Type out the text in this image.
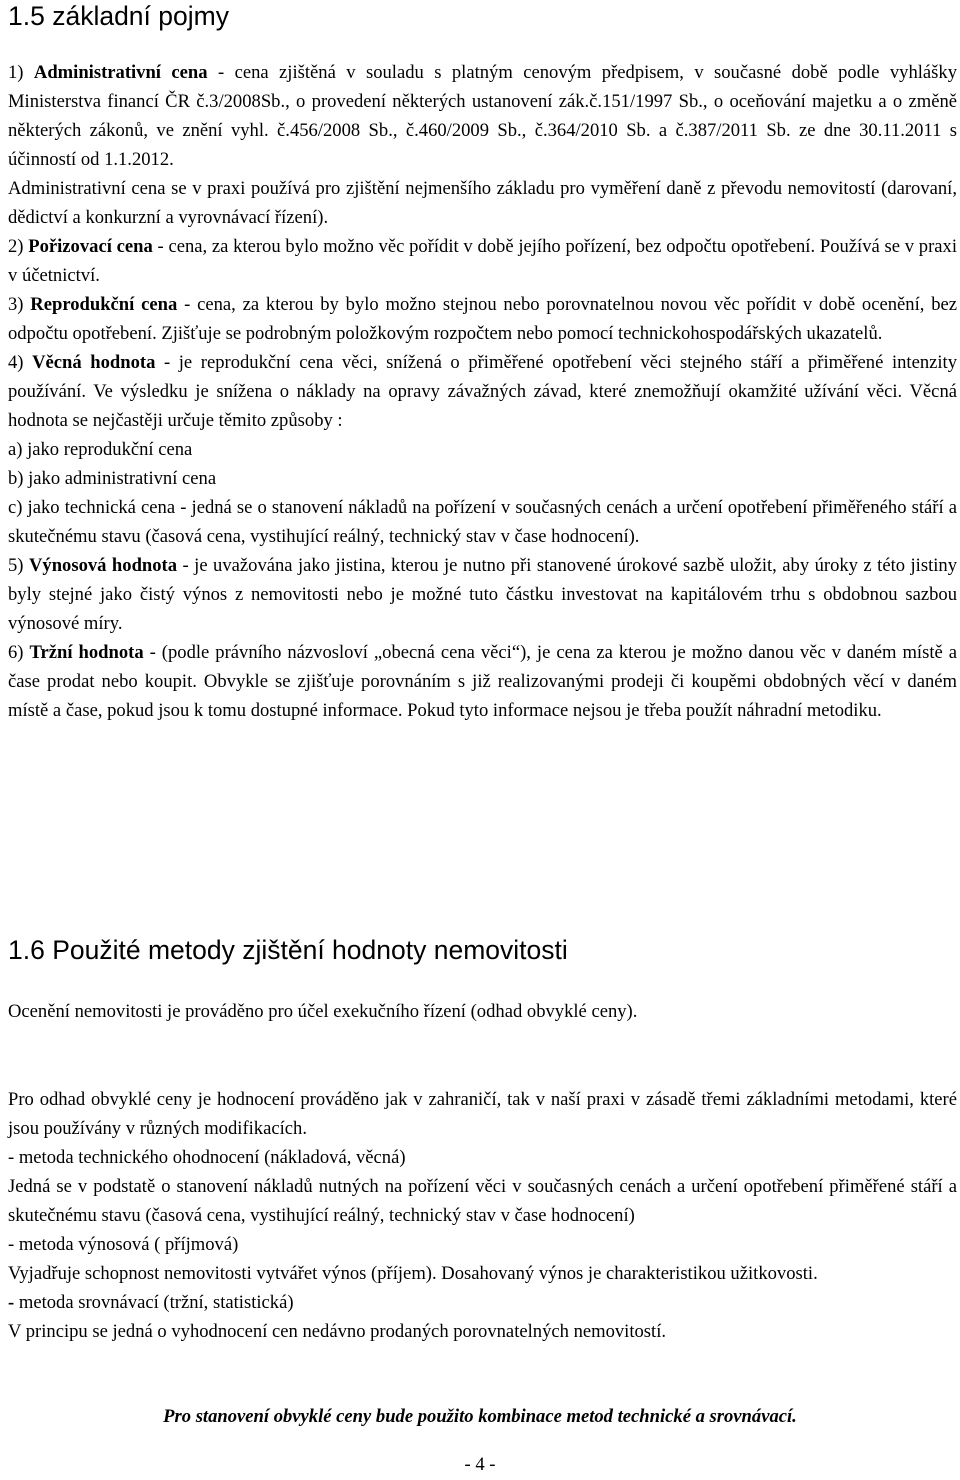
1.5 základní pojmy

1) Administrativní cena - cena zjištěná v souladu s platným cenovým předpisem, v současné době podle vyhlášky Ministerstva financí ČR č.3/2008Sb., o provedení některých ustanovení zák.č.151/1997 Sb., o oceňování majetku a o změně některých zákonů, ve znění vyhl. č.456/2008 Sb., č.460/2009 Sb., č.364/2010 Sb. a č.387/2011 Sb. ze dne 30.11.2011 s účinností od 1.1.2012.

Administrativní cena se v praxi používá pro zjištění nejmenšího základu pro vyměření daně z převodu nemovitostí (darovaní, dědictví a konkurzní a vyrovnávací řízení).

2) Pořizovací cena - cena, za kterou bylo možno věc pořídit v době jejího pořízení, bez odpočtu opotřebení. Používá se v praxi v účetnictví.

3) Reprodukční cena - cena, za kterou by bylo možno stejnou nebo porovnatelnou novou věc pořídit v době ocenění, bez odpočtu opotřebení. Zjišťuje se podrobným položkovým rozpočtem nebo pomocí technickohospodářských ukazatelů.

4) Věcná hodnota - je reprodukční cena věci, snížená o přiměřené opotřebení věci stejného stáří a přiměřené intenzity používání. Ve výsledku je snížena o náklady na opravy závažných závad, které znemožňují okamžité užívání věci. Věcná hodnota se nejčastěji určuje těmito způsoby :

a) jako reprodukční cena

b) jako administrativní cena

c) jako technická cena - jedná se o stanovení nákladů na pořízení v současných cenách a určení opotřebení přiměřeného stáří a skutečnému stavu (časová cena, vystihující reálný, technický stav v čase hodnocení).

5) Výnosová hodnota - je uvažována jako jistina, kterou je nutno při stanovené úrokové sazbě uložit, aby úroky z této jistiny byly stejné jako čistý výnos z nemovitosti nebo je možné tuto částku investovat na kapitálovém trhu s obdobnou sazbou výnosové míry.

6) Tržní hodnota - (podle právního názvosloví „obecná cena věci“), je cena za kterou je možno danou věc v daném místě a čase prodat nebo koupit. Obvykle se zjišťuje porovnáním s již realizovanými prodeji či koupěmi obdobných věcí v daném místě a čase, pokud jsou k tomu dostupné informace. Pokud tyto informace nejsou je třeba použít náhradní metodiku.

1.6 Použité metody zjištění hodnoty nemovitosti

Ocenění nemovitosti je prováděno pro účel exekučního řízení (odhad obvyklé ceny).

Pro odhad obvyklé ceny je hodnocení prováděno jak v zahraničí, tak v naší praxi v zásadě třemi základními metodami, které jsou používány v různých modifikacích.

- metoda technického ohodnocení (nákladová, věcná)

Jedná se v podstatě o stanovení nákladů nutných na pořízení věci v současných cenách a určení opotřebení přiměřené stáří a skutečnému stavu (časová cena, vystihující reálný, technický stav v čase hodnocení)

- metoda výnosová ( příjmová)

Vyjadřuje schopnost nemovitosti vytvářet výnos (příjem). Dosahovaný výnos je charakteristikou užitkovosti.

- metoda srovnávací (tržní, statistická)

V principu se jedná o vyhodnocení cen nedávno prodaných porovnatelných nemovitostí.

Pro stanovení obvyklé ceny bude použito kombinace metod technické a srovnávací.
- 4 -
